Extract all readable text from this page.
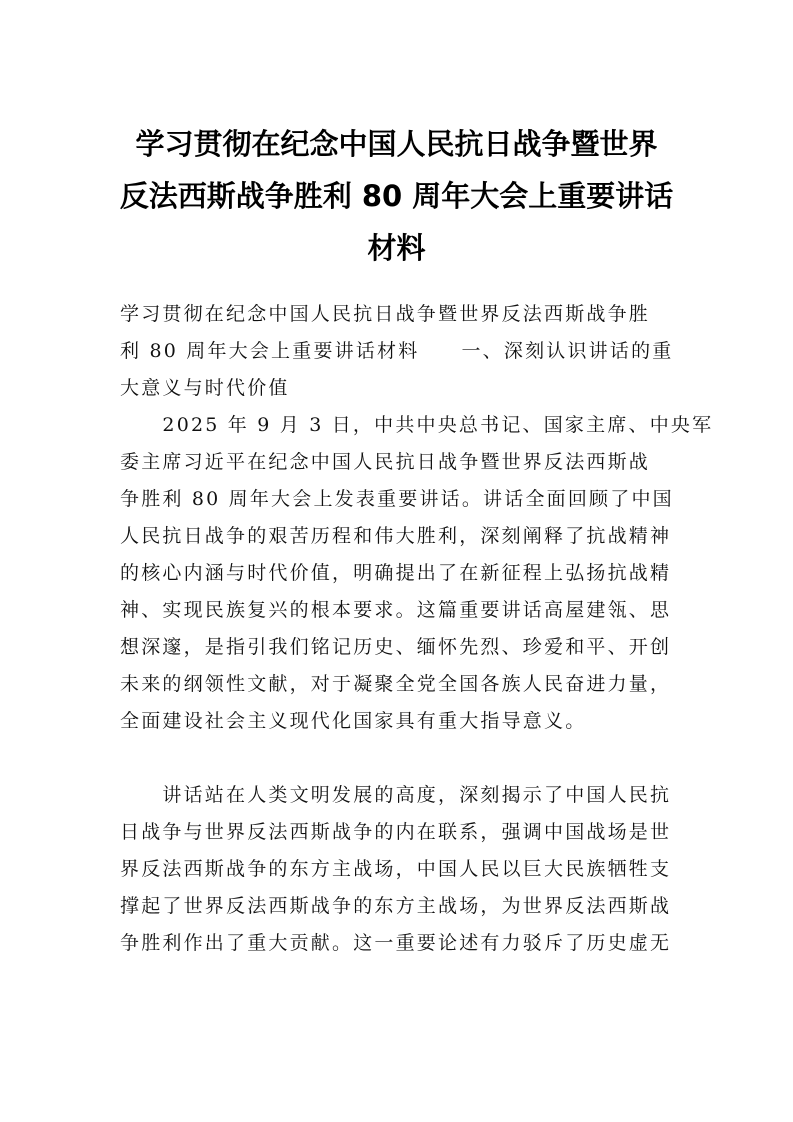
学习贯彻在纪念中国人民抗日战争暨世界
反法西斯战争胜利 80 周年大会上重要讲话
材料
学习贯彻在纪念中国人民抗日战争暨世界反法西斯战争胜
利 80 周年大会上重要讲话材料 一、深刻认识讲话的重
大意义与时代价值
　　2025 年 9 月 3 日，中共中央总书记、国家主席、中央军
委主席习近平在纪念中国人民抗日战争暨世界反法西斯战
争胜利 80 周年大会上发表重要讲话。讲话全面回顾了中国
人民抗日战争的艰苦历程和伟大胜利，深刻阐释了抗战精神
的核心内涵与时代价值，明确提出了在新征程上弘扬抗战精
神、实现民族复兴的根本要求。这篇重要讲话高屋建瓴、思
想深邃，是指引我们铭记历史、缅怀先烈、珍爱和平、开创
未来的纲领性文献，对于凝聚全党全国各族人民奋进力量，
全面建设社会主义现代化国家具有重大指导意义。
　　讲话站在人类文明发展的高度，深刻揭示了中国人民抗
日战争与世界反法西斯战争的内在联系，强调中国战场是世
界反法西斯战争的东方主战场，中国人民以巨大民族牺牲支
撑起了世界反法西斯战争的东方主战场，为世界反法西斯战
争胜利作出了重大贡献。这一重要论述有力驳斥了历史虚无
